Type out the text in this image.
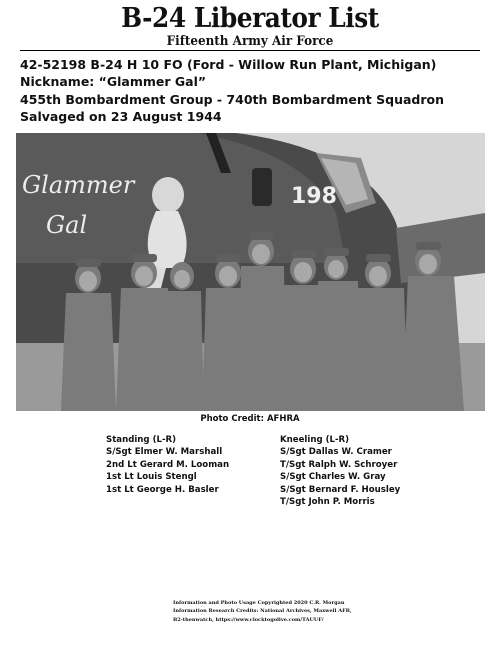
B-24 Liberator List
Fifteenth Army Air Force
42-52198 B-24 H 10 FO (Ford - Willow Run Plant, Michigan)
Nickname: “Glammer Gal”
455th Bombardment Group - 740th Bombardment Squadron
Salvaged on 23 August 1944
Glammer
Gal
198
Photo Credit: AFHRA
Standing (L-R)
S/Sgt Elmer W. Marshall
2nd Lt Gerard M. Looman
1st Lt Louis Stengl
1st Lt George H. Basler
Kneeling (L-R)
S/Sgt Dallas W. Cramer
T/Sgt Ralph W. Schroyer
S/Sgt Charles W. Gray
S/Sgt Bernard F. Housley
T/Sgt John P. Morris
Information and Photo Usage Copyrighted 2020 C.R. Morgan
Information Research Credits: National Archives, Maxwell AFB,
B2-thenwatch, https://www.clocktogolive.com/TAUUF/
